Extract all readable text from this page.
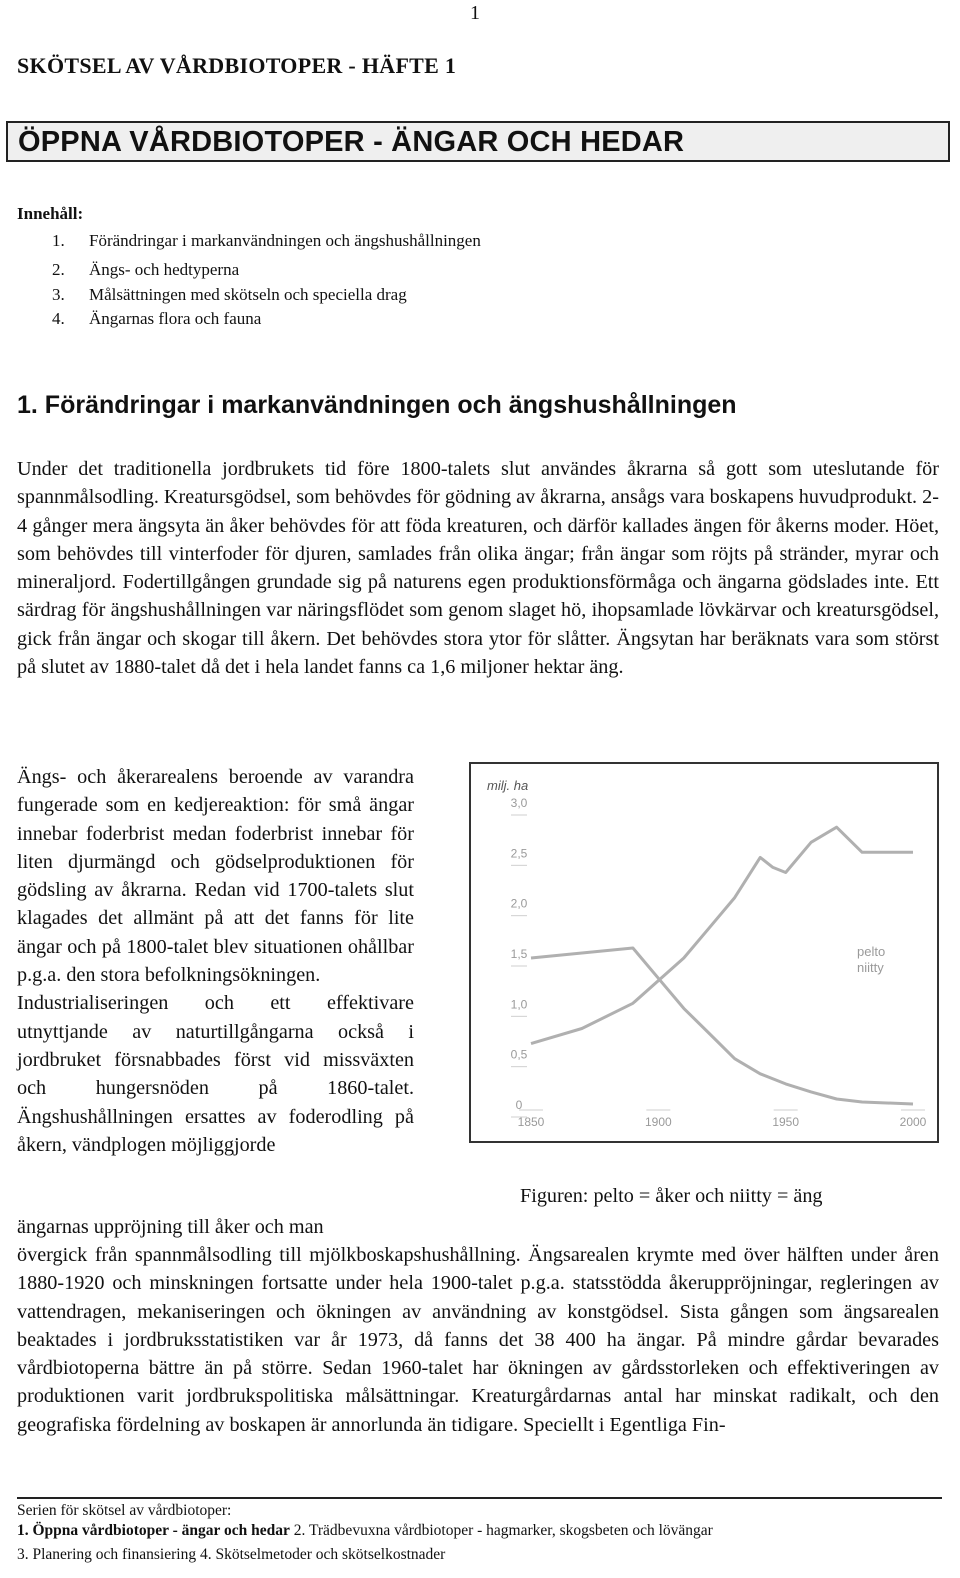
1
SKÖTSEL AV VÅRDBIOTOPER - HÄFTE 1
ÖPPNA VÅRDBIOTOPER - ÄNGAR OCH HEDAR
Innehåll:
1. Förändringar i markanvändningen och ängshushållningen
2. Ängs- och hedtyperna
3. Målsättningen med skötseln och speciella drag
4. Ängarnas flora och fauna
1. Förändringar i markanvändningen och ängshushållningen
Under det traditionella jordbrukets tid före 1800-talets slut användes åkrarna så gott som uteslutande för spannmålsodling. Kreatursgödsel, som behövdes för gödning av åkrarna, ansågs vara boskapens huvudprodukt. 2-4 gånger mera ängsyta än åker behövdes för att föda kreaturen, och därför kallades ängen för åkerns moder. Höet, som behövdes till vinterfoder för djuren, samlades från olika ängar; från ängar som röjts på stränder, myrar och mineraljord. Fodertillgången grundade sig på naturens egen produktionsförmåga och ängarna gödslades inte. Ett särdrag för ängshushållningen var näringsflödet som genom slaget hö, ihopsamlade lövkärvar och kreatursgödsel, gick från ängar och skogar till åkern. Det behövdes stora ytor för slåtter. Ängsytan har beräknats vara som störst på slutet av 1880-talet då det i hela landet fanns ca 1,6 miljoner hektar äng.
Ängs- och åkerarealens beroende av varandra fungerade som en kedjereaktion: för små ängar innebar foderbrist medan foderbrist innebar för liten djurmängd och gödselproduktionen för gödsling av åkrarna. Redan vid 1700-talets slut klagades det allmänt på att det fanns för lite ängar och på 1800-talet blev situationen ohållbar p.g.a. den stora befolkningsökningen.
Industrialiseringen och ett effektivare utnyttjande av naturtillgångarna också i jordbruket försnabbades först vid missväxten och hungersnöden på 1860-talet. Ängshushållningen ersattes av foderodling på åkern, vändplogen möjliggjorde
milj. ha
0
0,5
1,0
1,5
2,0
2,5
3,0
1850	1900	1950	2000
pelto
niitty
Figuren: pelto = åker och niitty = äng
ängarnas uppröjning till åker och man
övergick från spannmålsodling till mjölkboskapshushållning. Ängsarealen krymte med över hälften under åren 1880-1920 och minskningen fortsatte under hela 1900-talet p.g.a. statsstödda åkeruppröjningar, regleringen av vattendragen, mekaniseringen och ökningen av användning av konstgödsel. Sista gången som ängsarealen beaktades i jordbruksstatistiken var år 1973, då fanns det 38 400 ha ängar. På mindre gårdar bevarades vårdbiotoperna bättre än på större. Sedan 1960-talet har ökningen av gårdsstorleken och effektiveringen av produktionen varit jordbrukspolitiska målsättningar. Kreaturgårdarnas antal har minskat radikalt, och den geografiska fördelning av boskapen är annorlunda än tidigare. Speciellt i Egentliga Fin-
Serien för skötsel av vårdbiotoper:
1. Öppna vårdbiotoper - ängar och hedar 2. Trädbevuxna vårdbiotoper - hagmarker, skogsbeten och lövängar
3. Planering och finansiering 4. Skötselmetoder och skötselkostnader
